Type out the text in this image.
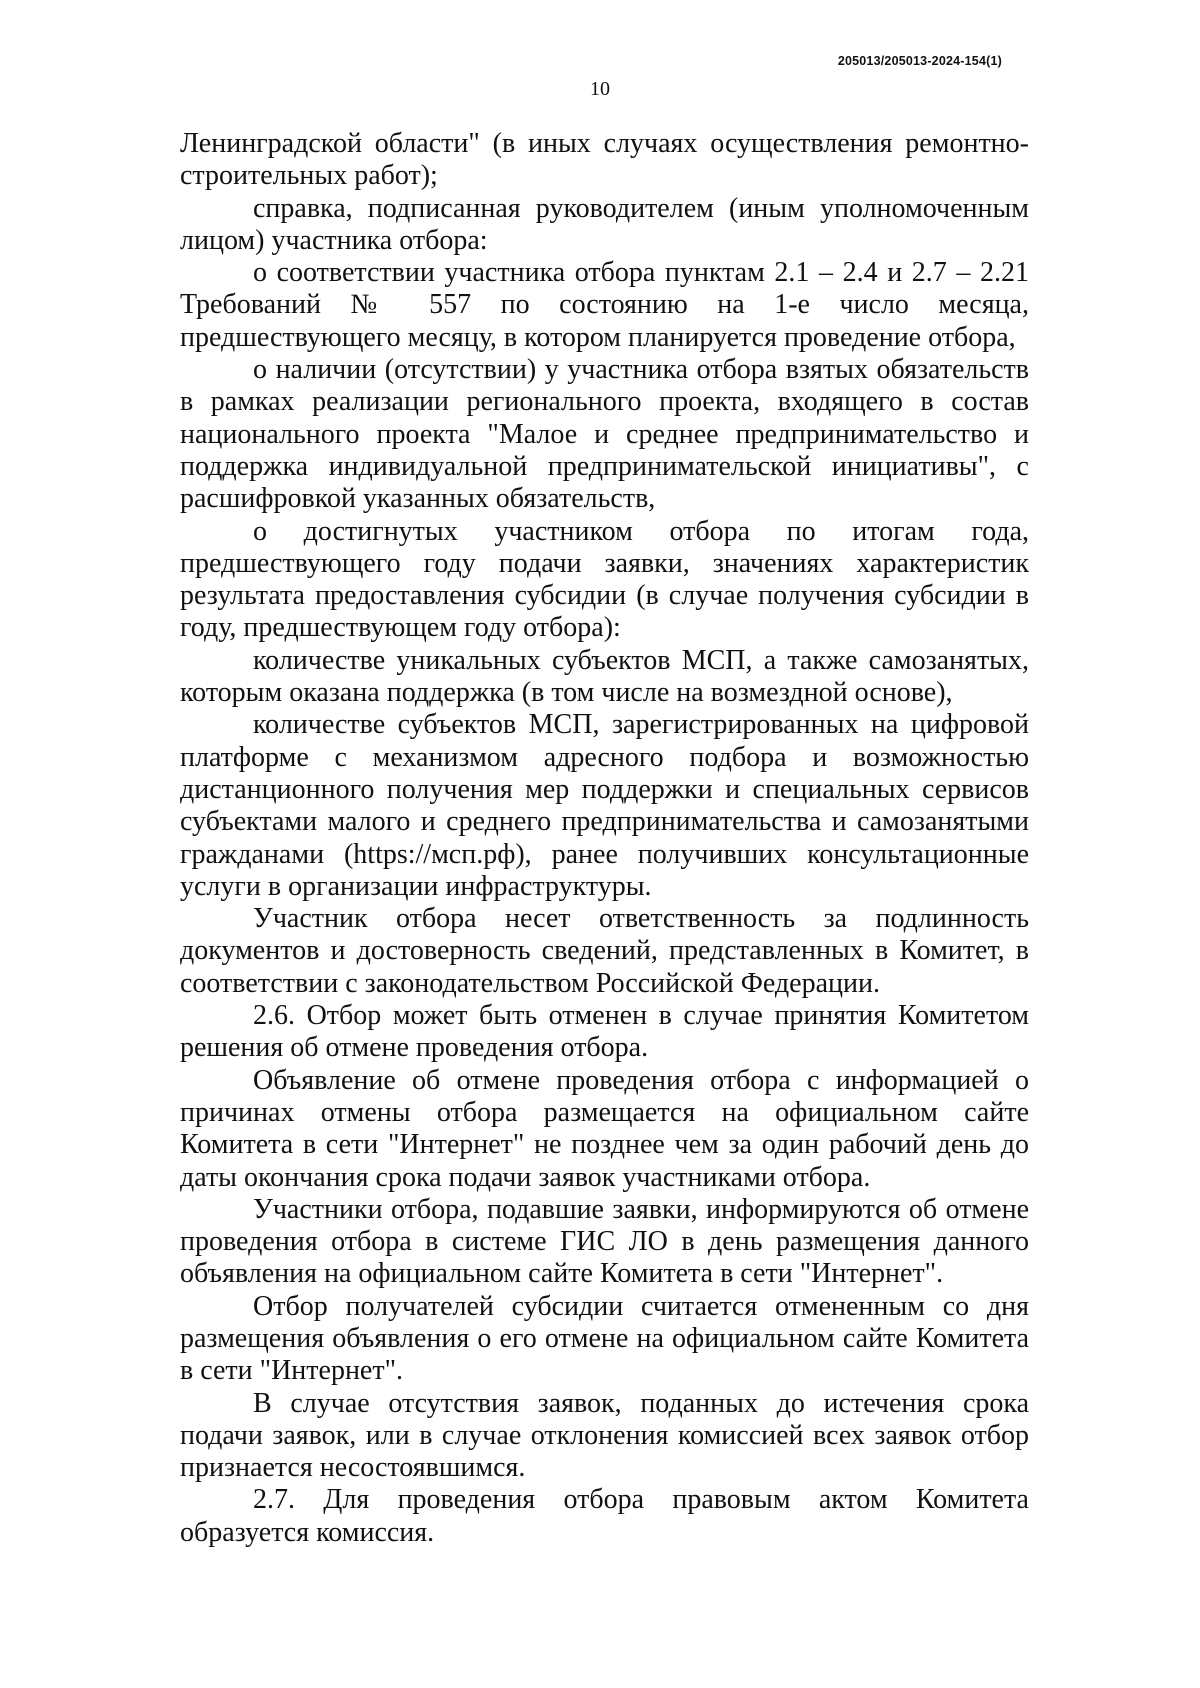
205013/205013-2024-154(1)
10

Ленинградской области" (в иных случаях осуществления ремонтно-строительных работ);

справка, подписанная руководителем (иным уполномоченным лицом) участника отбора:

о соответствии участника отбора пунктам 2.1 – 2.4 и 2.7 – 2.21 Требований № 557 по состоянию на 1-е число месяца, предшествующего месяцу, в котором планируется проведение отбора,

о наличии (отсутствии) у участника отбора взятых обязательств в рамках реализации регионального проекта, входящего в состав национального проекта "Малое и среднее предпринимательство и поддержка индивидуальной предпринимательской инициативы", с расшифровкой указанных обязательств,

о достигнутых участником отбора по итогам года, предшествующего году подачи заявки, значениях характеристик результата предоставления субсидии (в случае получения субсидии в году, предшествующем году отбора):

количестве уникальных субъектов МСП, а также самозанятых, которым оказана поддержка (в том числе на возмездной основе),

количестве субъектов МСП, зарегистрированных на цифровой платформе с механизмом адресного подбора и возможностью дистанционного получения мер поддержки и специальных сервисов субъектами малого и среднего предпринимательства и самозанятыми гражданами (https://мсп.рф), ранее получивших консультационные услуги в организации инфраструктуры.

Участник отбора несет ответственность за подлинность документов и достоверность сведений, представленных в Комитет, в соответствии с законодательством Российской Федерации.

2.6. Отбор может быть отменен в случае принятия Комитетом решения об отмене проведения отбора.

Объявление об отмене проведения отбора с информацией о причинах отмены отбора размещается на официальном сайте Комитета в сети "Интернет" не позднее чем за один рабочий день до даты окончания срока подачи заявок участниками отбора.

Участники отбора, подавшие заявки, информируются об отмене проведения отбора в системе ГИС ЛО в день размещения данного объявления на официальном сайте Комитета в сети "Интернет".

Отбор получателей субсидии считается отмененным со дня размещения объявления о его отмене на официальном сайте Комитета в сети "Интернет".

В случае отсутствия заявок, поданных до истечения срока подачи заявок, или в случае отклонения комиссией всех заявок отбор признается несостоявшимся.

2.7. Для проведения отбора правовым актом Комитета образуется комиссия.
